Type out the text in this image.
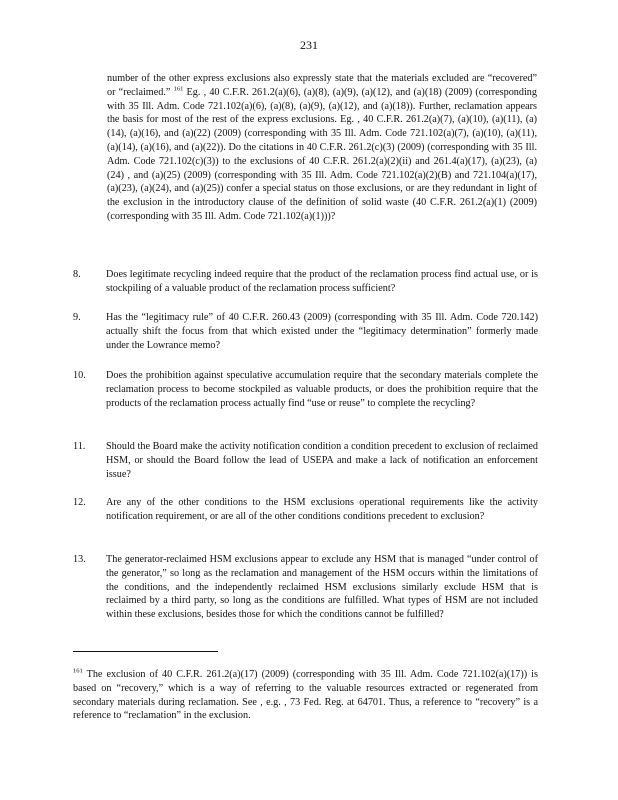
231
number of the other express exclusions also expressly state that the materials excluded are “recovered” or “reclaimed.” $^{161}$ Eg. , 40 C.F.R. 261.2(a)(6), (a)(8), (a)(9), (a)(12), and (a)(18) (2009) (corresponding with 35 Ill. Adm. Code 721.102(a)(6), (a)(8), (a)(9), (a)(12), and (a)(18)). Further, reclamation appears the basis for most of the rest of the express exclusions. Eg. , 40 C.F.R. 261.2(a)(7), (a)(10), (a)(11), (a)(14), (a)(16), and (a)(22) (2009) (corresponding with 35 Ill. Adm. Code 721.102(a)(7), (a)(10), (a)(11), (a)(14), (a)(16), and (a)(22)). Do the citations in 40 C.F.R. 261.2(c)(3) (2009) (corresponding with 35 Ill. Adm. Code 721.102(c)(3)) to the exclusions of 40 C.F.R. 261.2(a)(2)(ii) and 261.4(a)(17), (a)(23), (a)(24) , and (a)(25) (2009) (corresponding with 35 Ill. Adm. Code 721.102(a)(2)(B) and 721.104(a)(17), (a)(23), (a)(24), and (a)(25)) confer a special status on those exclusions, or are they redundant in light of the exclusion in the introductory clause of the definition of solid waste (40 C.F.R. 261.2(a)(1) (2009) (corresponding with 35 Ill. Adm. Code 721.102(a)(1)))?
8.	Does legitimate recycling indeed require that the product of the reclamation process find actual use, or is stockpiling of a valuable product of the reclamation process sufficient?
9.	Has the “legitimacy rule” of 40 C.F.R. 260.43 (2009) (corresponding with 35 Ill. Adm. Code 720.142) actually shift the focus from that which existed under the “legitimacy determination” formerly made under the Lowrance memo?
10.	Does the prohibition against speculative accumulation require that the secondary materials complete the reclamation process to become stockpiled as valuable products, or does the prohibition require that the products of the reclamation process actually find “use or reuse” to complete the recycling?
11.	Should the Board make the activity notification condition a condition precedent to exclusion of reclaimed HSM, or should the Board follow the lead of USEPA and make a lack of notification an enforcement issue?
12.	Are any of the other conditions to the HSM exclusions operational requirements like the activity notification requirement, or are all of the other conditions conditions precedent to exclusion?
13.	The generator-reclaimed HSM exclusions appear to exclude any HSM that is managed “under control of the generator,” so long as the reclamation and management of the HSM occurs within the limitations of the conditions, and the independently reclaimed HSM exclusions similarly exclude HSM that is reclaimed by a third party, so long as the conditions are fulfilled. What types of HSM are not included within these exclusions, besides those for which the conditions cannot be fulfilled?
$^{161}$ The exclusion of 40 C.F.R. 261.2(a)(17) (2009) (corresponding with 35 Ill. Adm. Code 721.102(a)(17)) is based on “recovery,” which is a way of referring to the valuable resources extracted or regenerated from secondary materials during reclamation. See , e.g. , 73 Fed. Reg. at 64701. Thus, a reference to “recovery” is a reference to “reclamation” in the exclusion.
